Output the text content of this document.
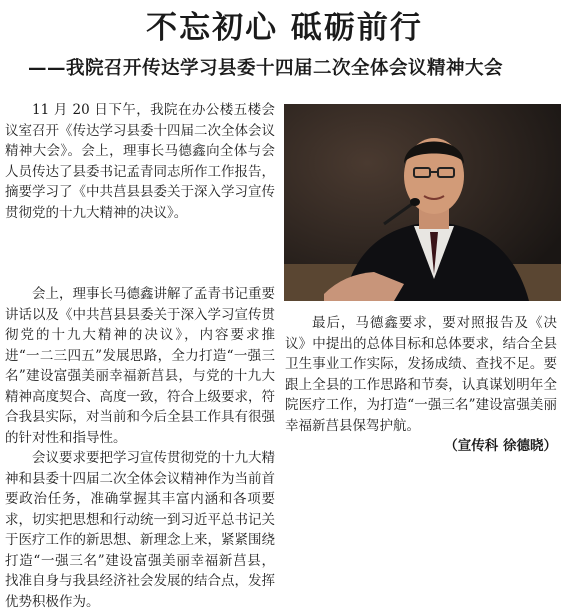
不忘初心 砥砺前行
——我院召开传达学习县委十四届二次全体会议精神大会

11 月 20 日下午，我院在办公楼五楼会议室召开《传达学习县委十四届二次全体会议精神大会》。会上，理事长马德鑫向全体与会人员传达了县委书记孟青同志所作工作报告，摘要学习了《中共莒县县委关于深入学习宣传贯彻党的十九大精神的决议》。

会上，理事长马德鑫讲解了孟青书记重要讲话以及《中共莒县县委关于深入学习宣传贯彻党的十九大精神的决议》，内容要求推进“一二三四五”发展思路，全力打造“一强三名”建设富强美丽幸福新莒县，与党的十九大精神高度契合、高度一致，符合上级要求，符合我县实际，对当前和今后全县工作具有很强的针对性和指导性。

会议要求要把学习宣传贯彻党的十九大精神和县委十四届二次全体会议精神作为当前首要政治任务，准确掌握其丰富内涵和各项要求，切实把思想和行动统一到习近平总书记关于医疗工作的新思想、新理念上来，紧紧围绕打造“一强三名”建设富强美丽幸福新莒县，找准自身与我县经济社会发展的结合点，发挥优势积极作为。

最后，马德鑫要求，要对照报告及《决议》中提出的总体目标和总体要求，结合全县卫生事业工作实际，发扬成绩、查找不足。要跟上全县的工作思路和节奏，认真谋划明年全院医疗工作，为打造“一强三名”建设富强美丽幸福新莒县保驾护航。

（宣传科 徐德晓）
